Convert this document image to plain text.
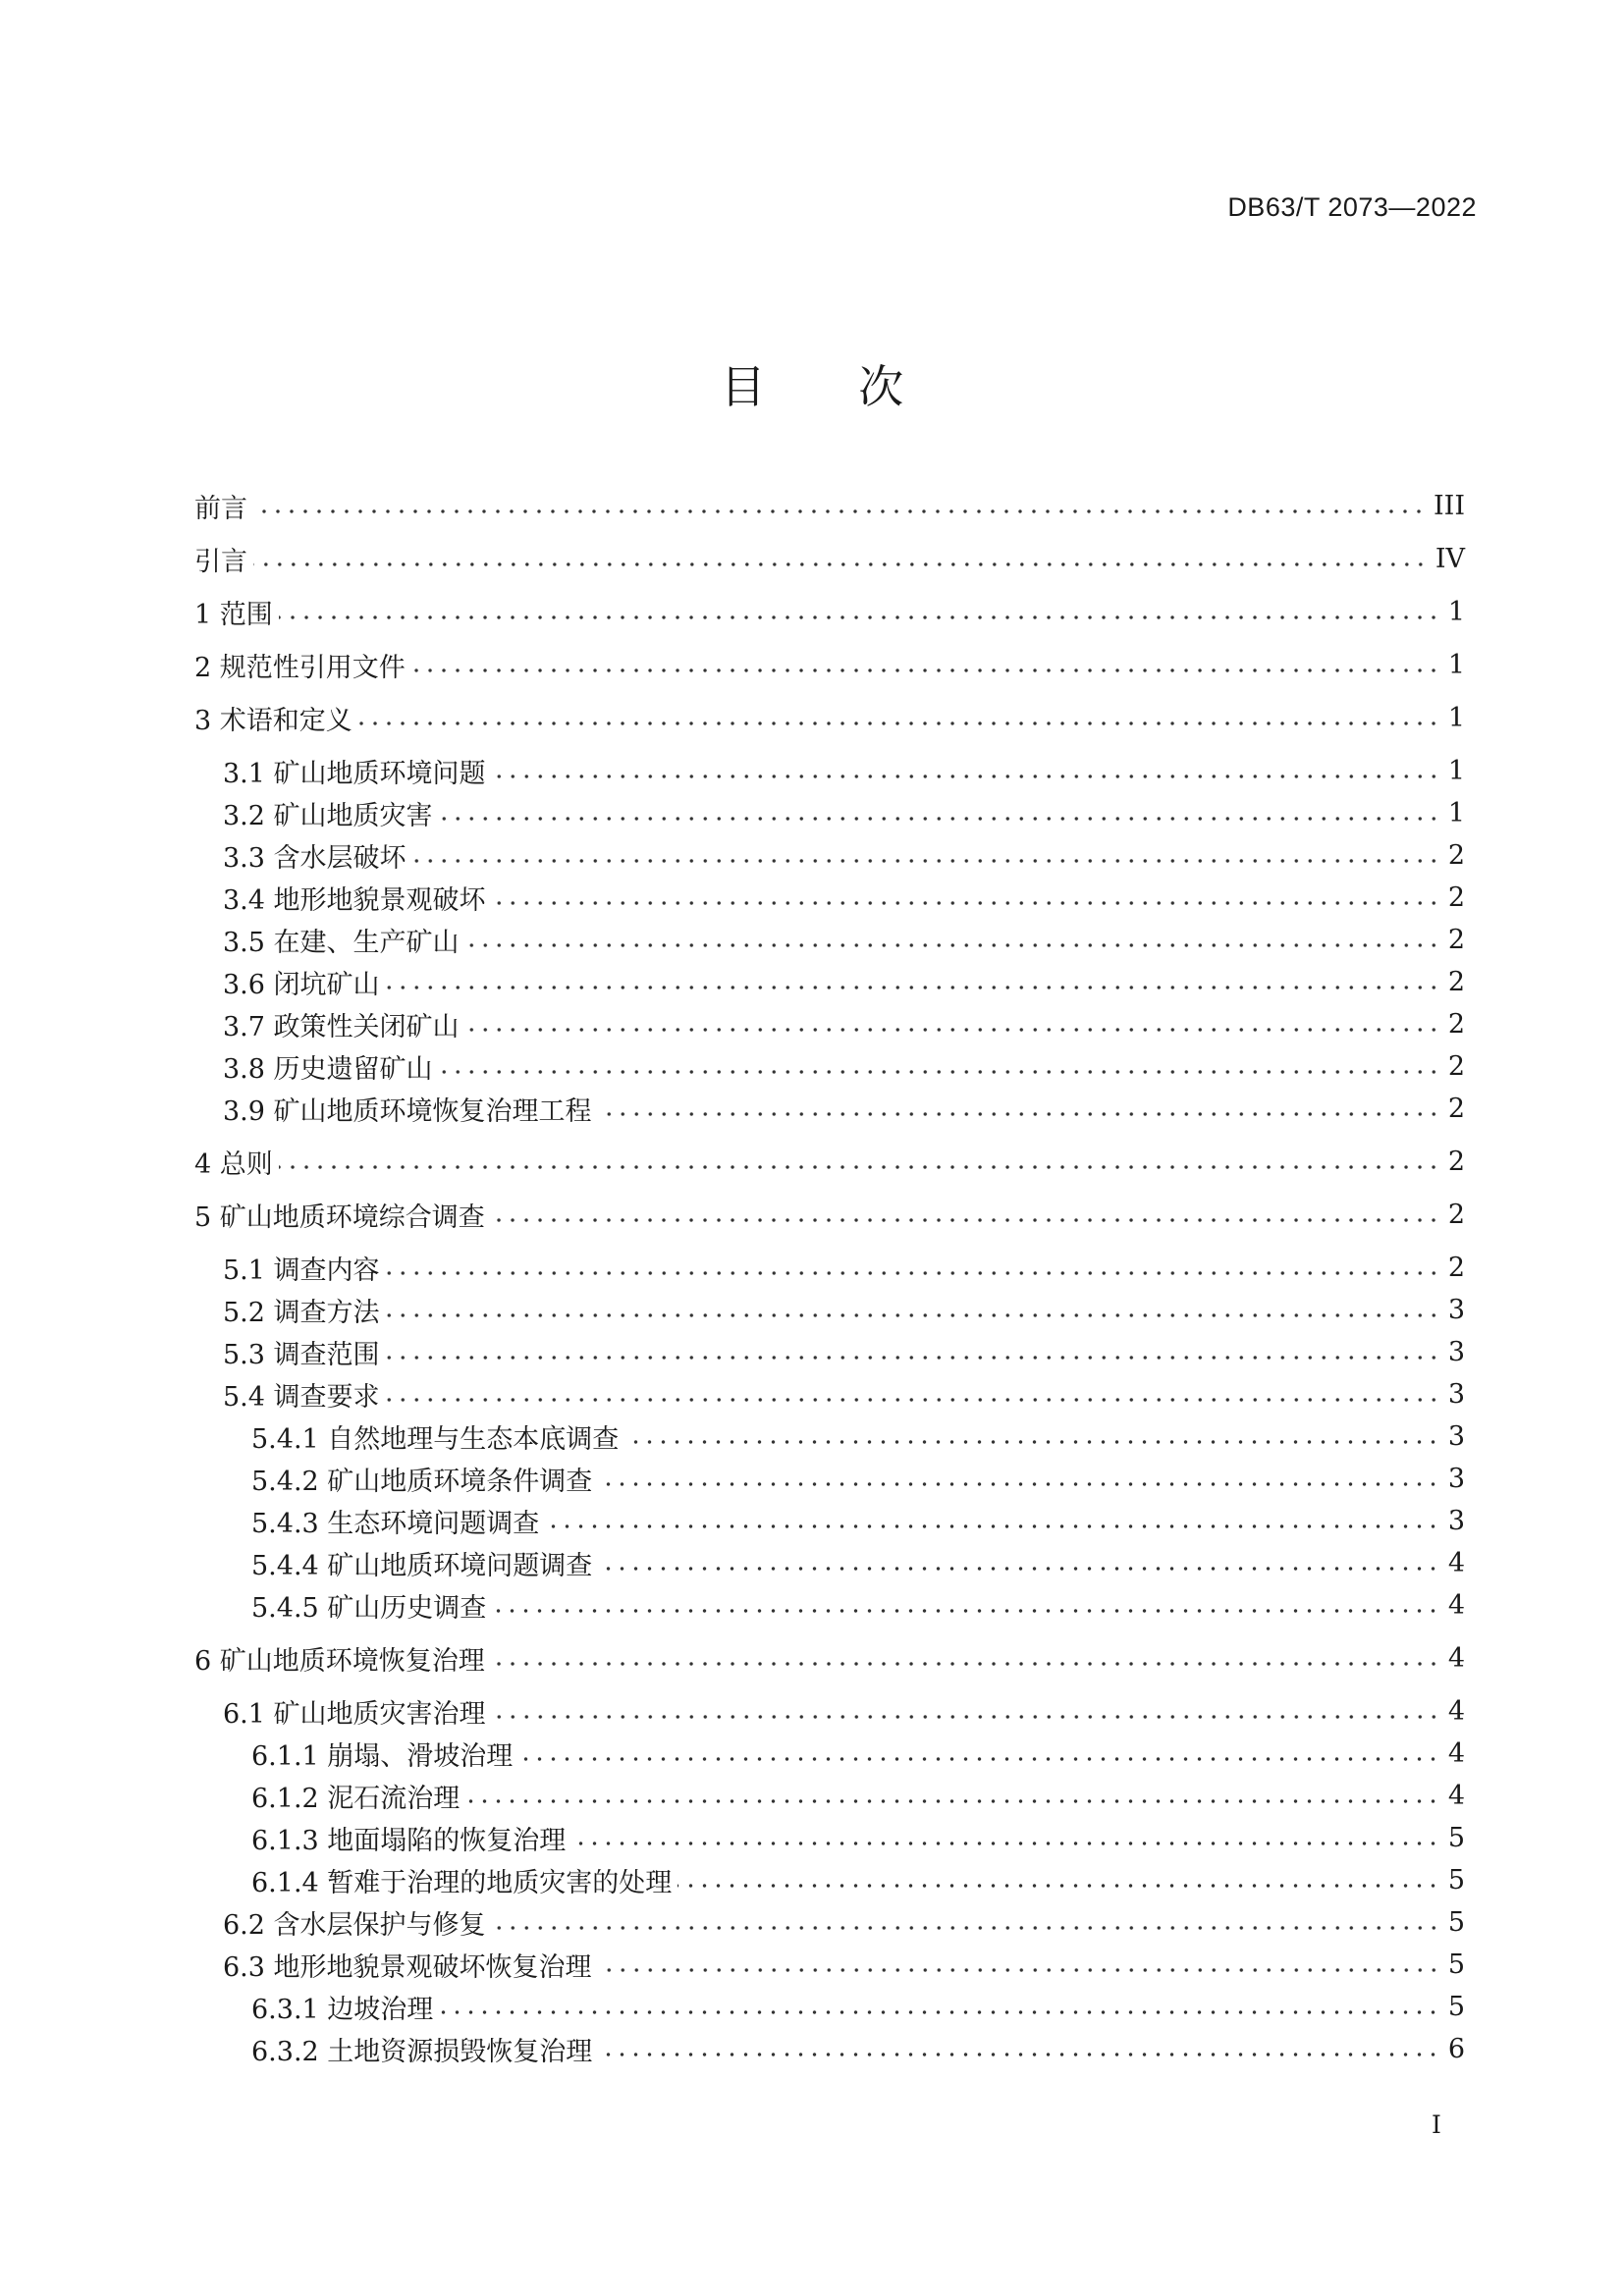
DB63/T 2073—2022
目 次
前言	III
引言	IV
1 范围	1
2 规范性引用文件	1
3 术语和定义	1
3.1 矿山地质环境问题	1
3.2 矿山地质灾害	1
3.3 含水层破坏	2
3.4 地形地貌景观破坏	2
3.5 在建、生产矿山	2
3.6 闭坑矿山	2
3.7 政策性关闭矿山	2
3.8 历史遗留矿山	2
3.9 矿山地质环境恢复治理工程	2
4 总则	2
5 矿山地质环境综合调查	2
5.1 调查内容	2
5.2 调查方法	3
5.3 调查范围	3
5.4 调查要求	3
5.4.1 自然地理与生态本底调查	3
5.4.2 矿山地质环境条件调查	3
5.4.3 生态环境问题调查	3
5.4.4 矿山地质环境问题调查	4
5.4.5 矿山历史调查	4
6 矿山地质环境恢复治理	4
6.1 矿山地质灾害治理	4
6.1.1 崩塌、滑坡治理	4
6.1.2 泥石流治理	4
6.1.3 地面塌陷的恢复治理	5
6.1.4 暂难于治理的地质灾害的处理	5
6.2 含水层保护与修复	5
6.3 地形地貌景观破坏恢复治理	5
6.3.1 边坡治理	5
6.3.2 土地资源损毁恢复治理	6
I
